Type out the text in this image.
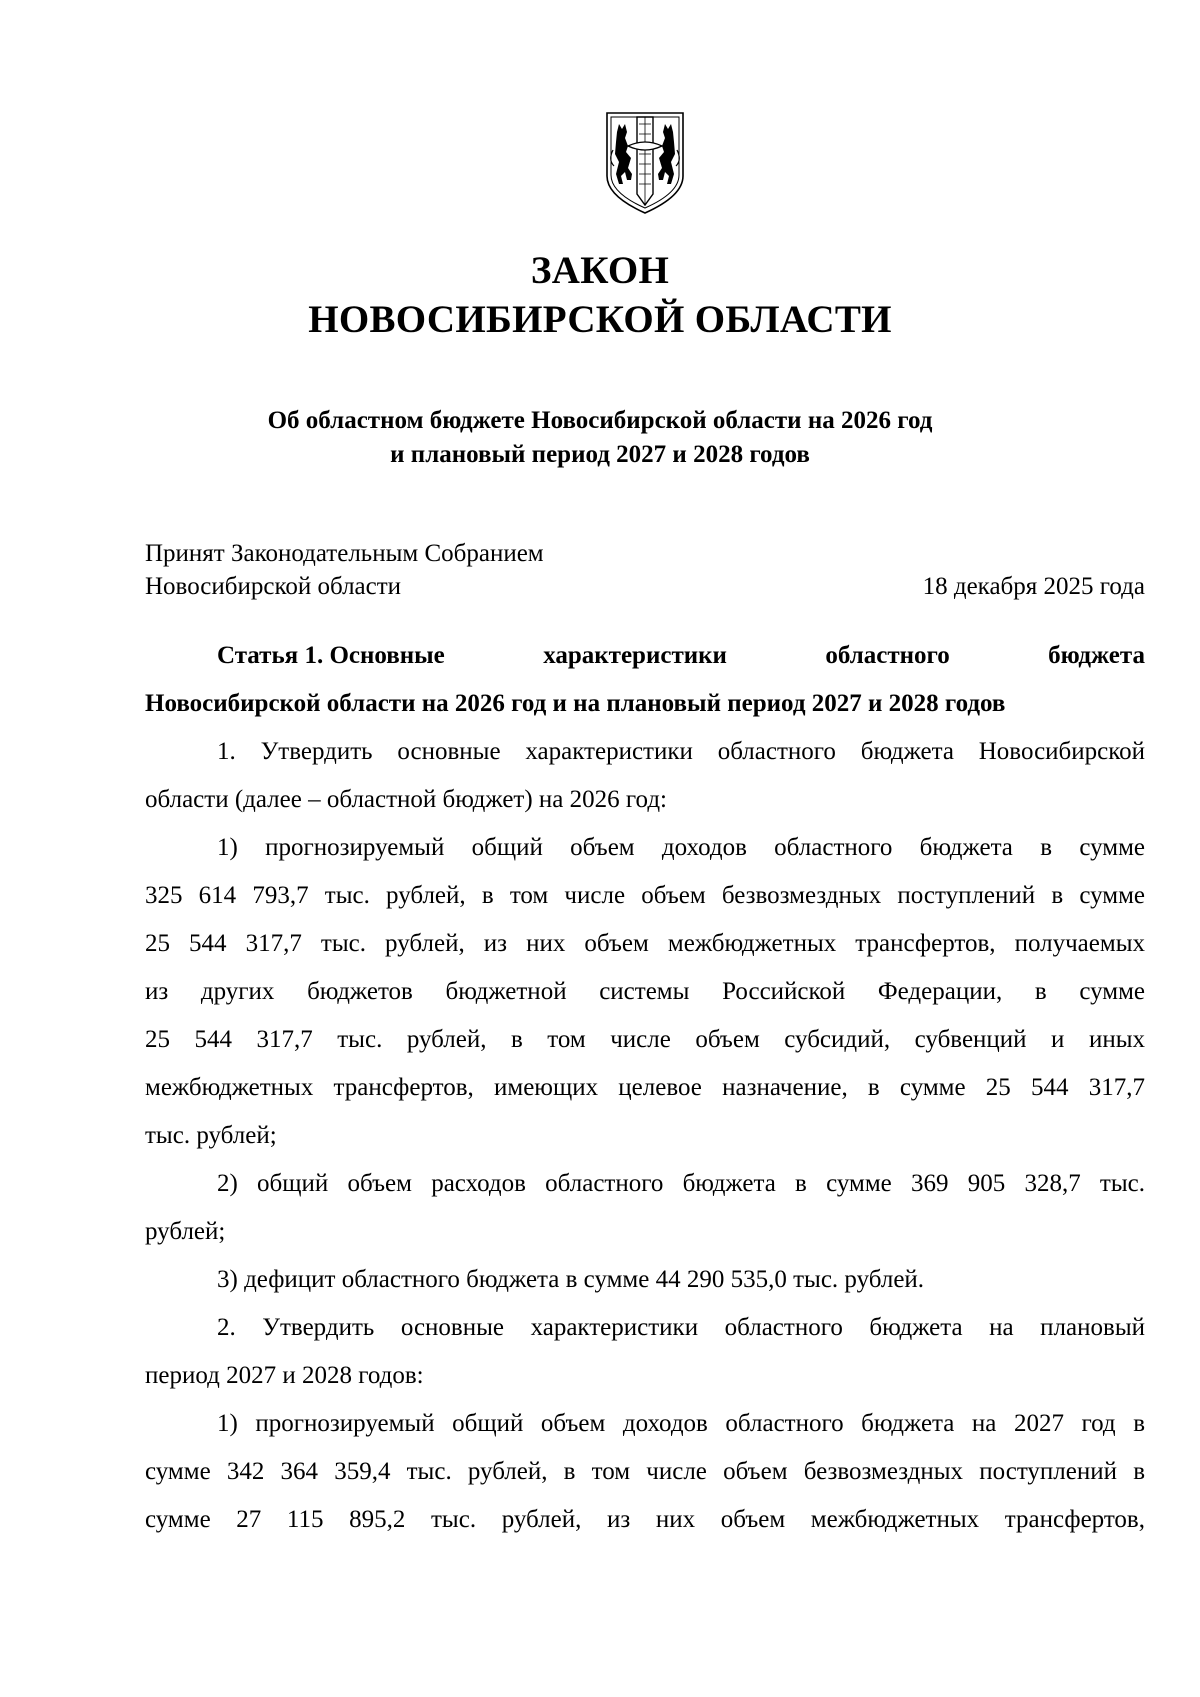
ЗАКОН
НОВОСИБИРСКОЙ ОБЛАСТИ
Об областном бюджете Новосибирской области на 2026 год
и плановый период 2027 и 2028 годов
Принят Законодательным Собранием
Новосибирской области	18 декабря 2025 года
Статья 1. Основные	характеристики	областного	бюджета
Новосибирской области на 2026 год и на плановый период 2027 и 2028 годов
1. Утвердить основные характеристики областного бюджета Новосибирской
области (далее – областной бюджет) на 2026 год:
1) прогнозируемый общий объем доходов областного бюджета в сумме
325 614 793,7 тыс. рублей, в том числе объем безвозмездных поступлений в сумме
25 544 317,7 тыс. рублей, из них объем межбюджетных трансфертов, получаемых
из других бюджетов бюджетной системы Российской Федерации, в сумме
25 544 317,7 тыс. рублей, в том числе объем субсидий, субвенций и иных
межбюджетных трансфертов, имеющих целевое назначение, в сумме 25 544 317,7
тыс. рублей;
2) общий объем расходов областного бюджета в сумме 369 905 328,7 тыс.
рублей;
3) дефицит областного бюджета в сумме 44 290 535,0 тыс. рублей.
2. Утвердить основные характеристики областного бюджета на плановый
период 2027 и 2028 годов:
1) прогнозируемый общий объем доходов областного бюджета на 2027 год в
сумме 342 364 359,4 тыс. рублей, в том числе объем безвозмездных поступлений в
сумме 27 115 895,2 тыс. рублей, из них объем межбюджетных трансфертов,
